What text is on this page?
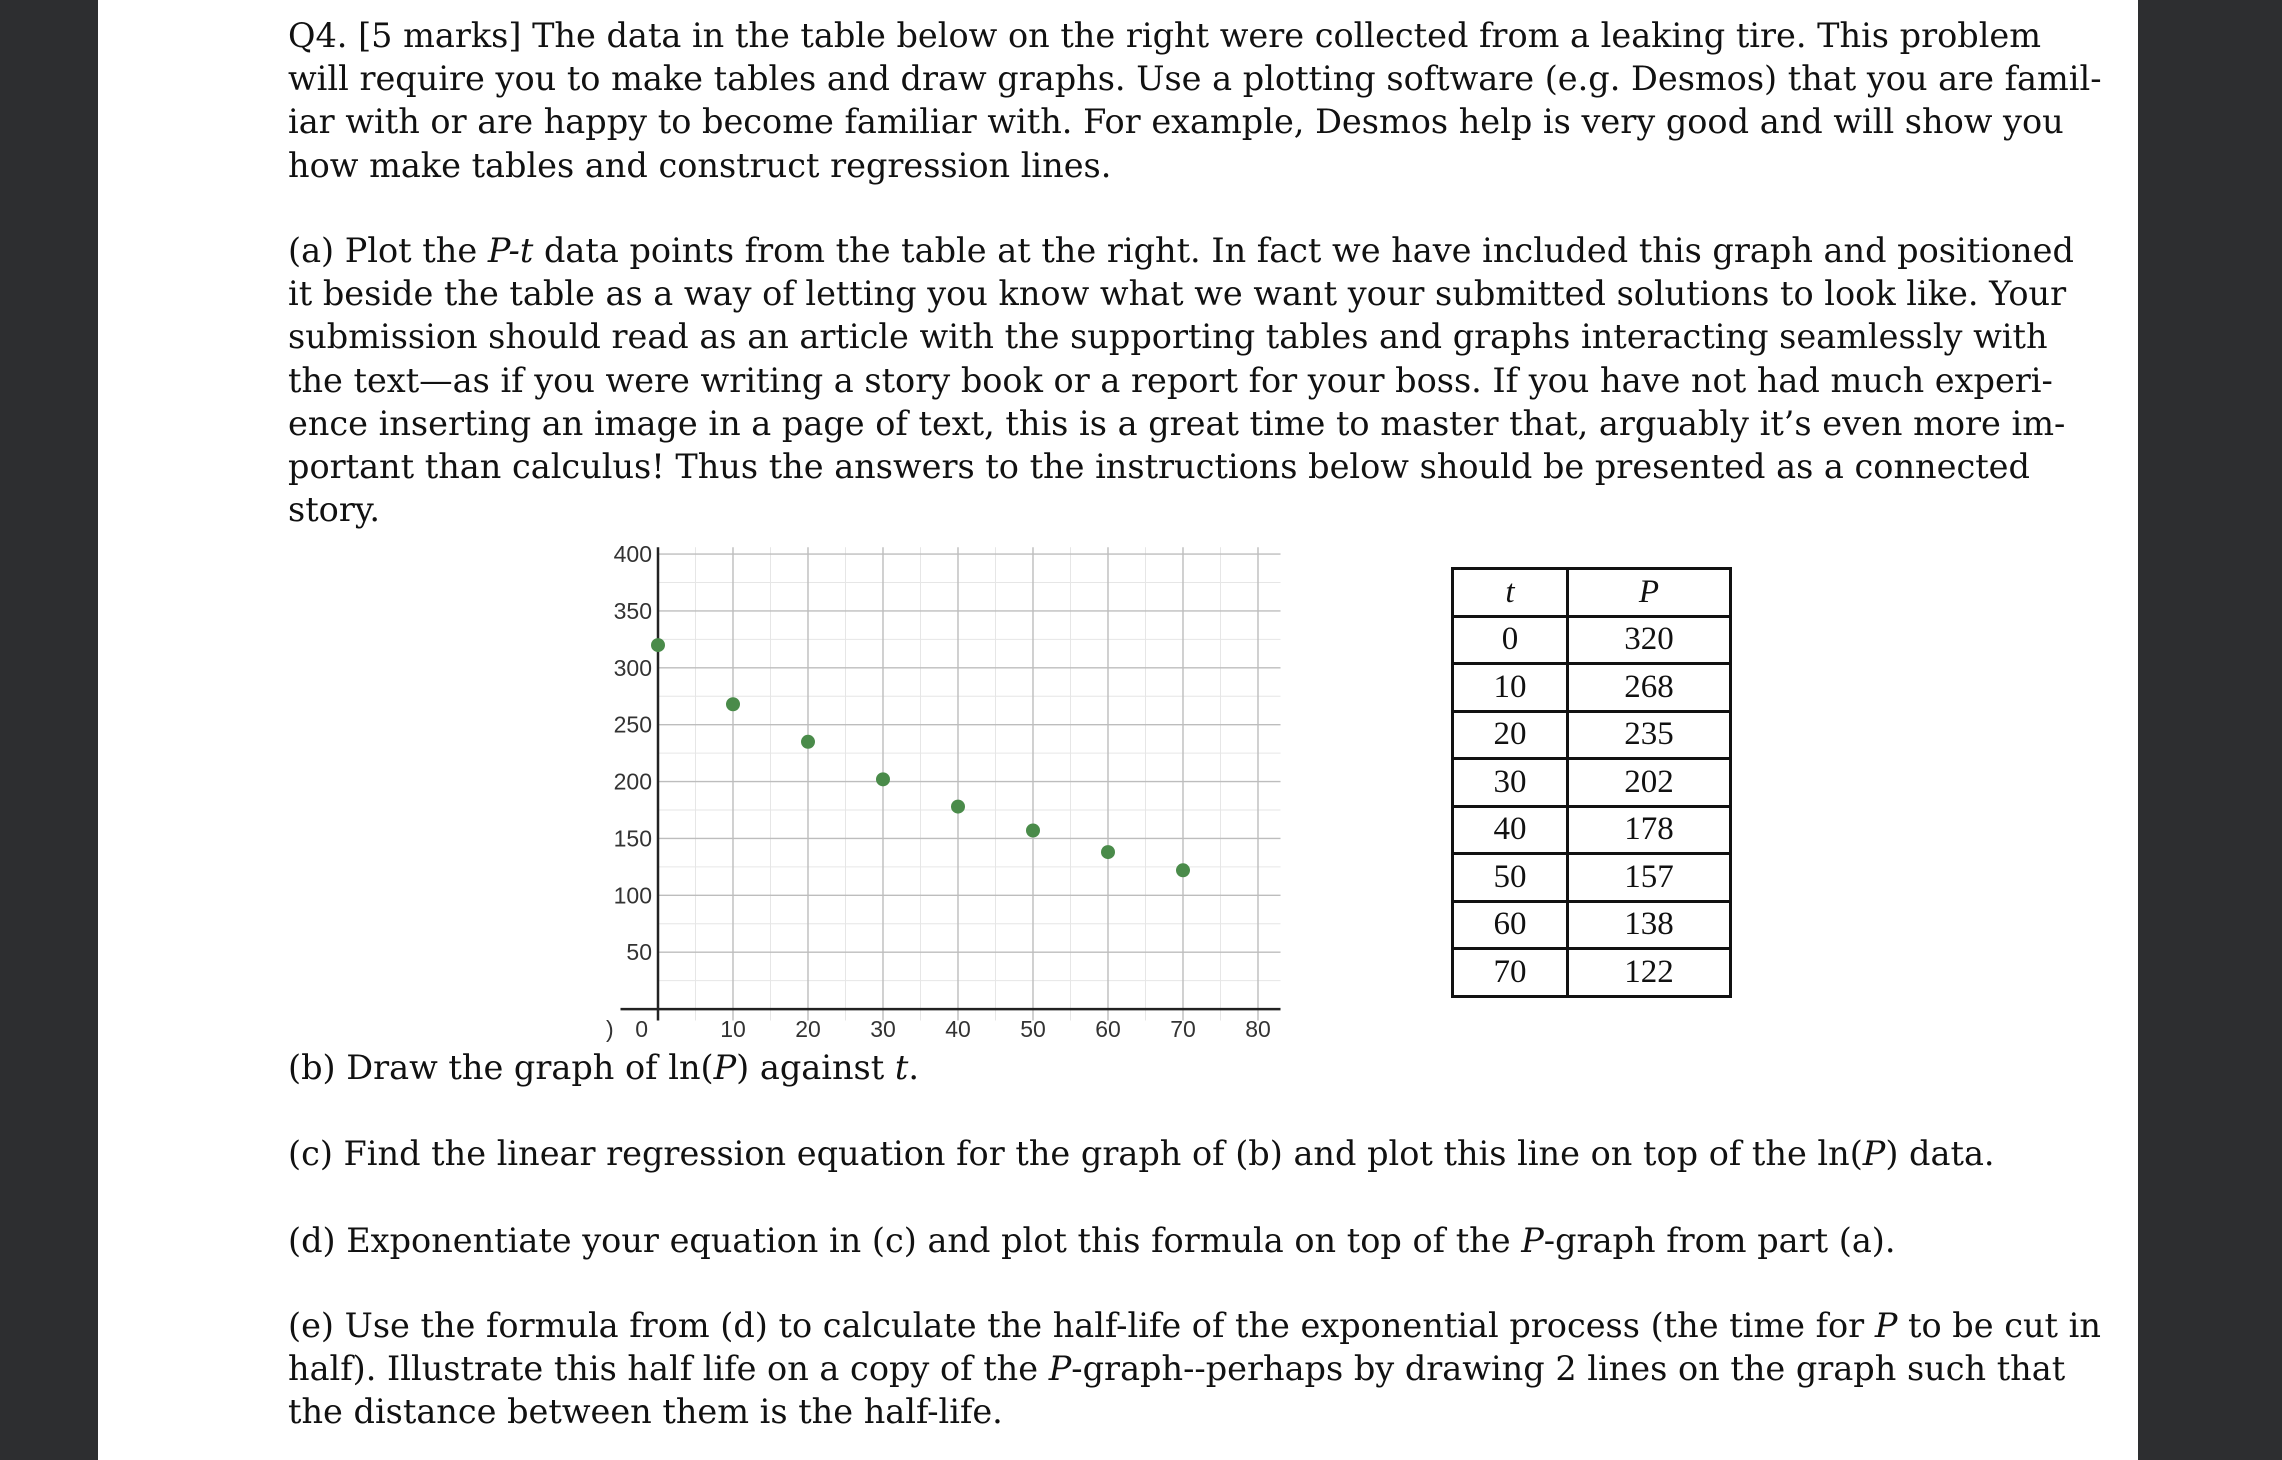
Q4. [5 marks] The data in the table below on the right were collected from a leaking tire. This problem

will require you to make tables and draw graphs. Use a plotting software (e.g. Desmos) that you are famil-

iar with or are happy to become familiar with. For example, Desmos help is very good and will show you

how make tables and construct regression lines.

(a) Plot the P-t data points from the table at the right. In fact we have included this graph and positioned

it beside the table as a way of letting you know what we want your submitted solutions to look like. Your

submission should read as an article with the supporting tables and graphs interacting seamlessly with

the text—as if you were writing a story book or a report for your boss. If you have not had much experi-

ence inserting an image in a page of text, this is a great time to master that, arguably it’s even more im-

portant than calculus! Thus the answers to the instructions below should be presented as a connected

story.

10 20 30 40 50 60 70 80
0
)
400
350
300
250
200
150
100
50
t	P
0	320
10	268
20	235
30	202
40	178
50	157
60	138
70	122

(b) Draw the graph of ln(P) against t.

(c) Find the linear regression equation for the graph of (b) and plot this line on top of the ln(P) data.

(d) Exponentiate your equation in (c) and plot this formula on top of the P-graph from part (a).

(e) Use the formula from (d) to calculate the half-life of the exponential process (the time for P to be cut in

half). Illustrate this half life on a copy of the P-graph--perhaps by drawing 2 lines on the graph such that

the distance between them is the half-life.
